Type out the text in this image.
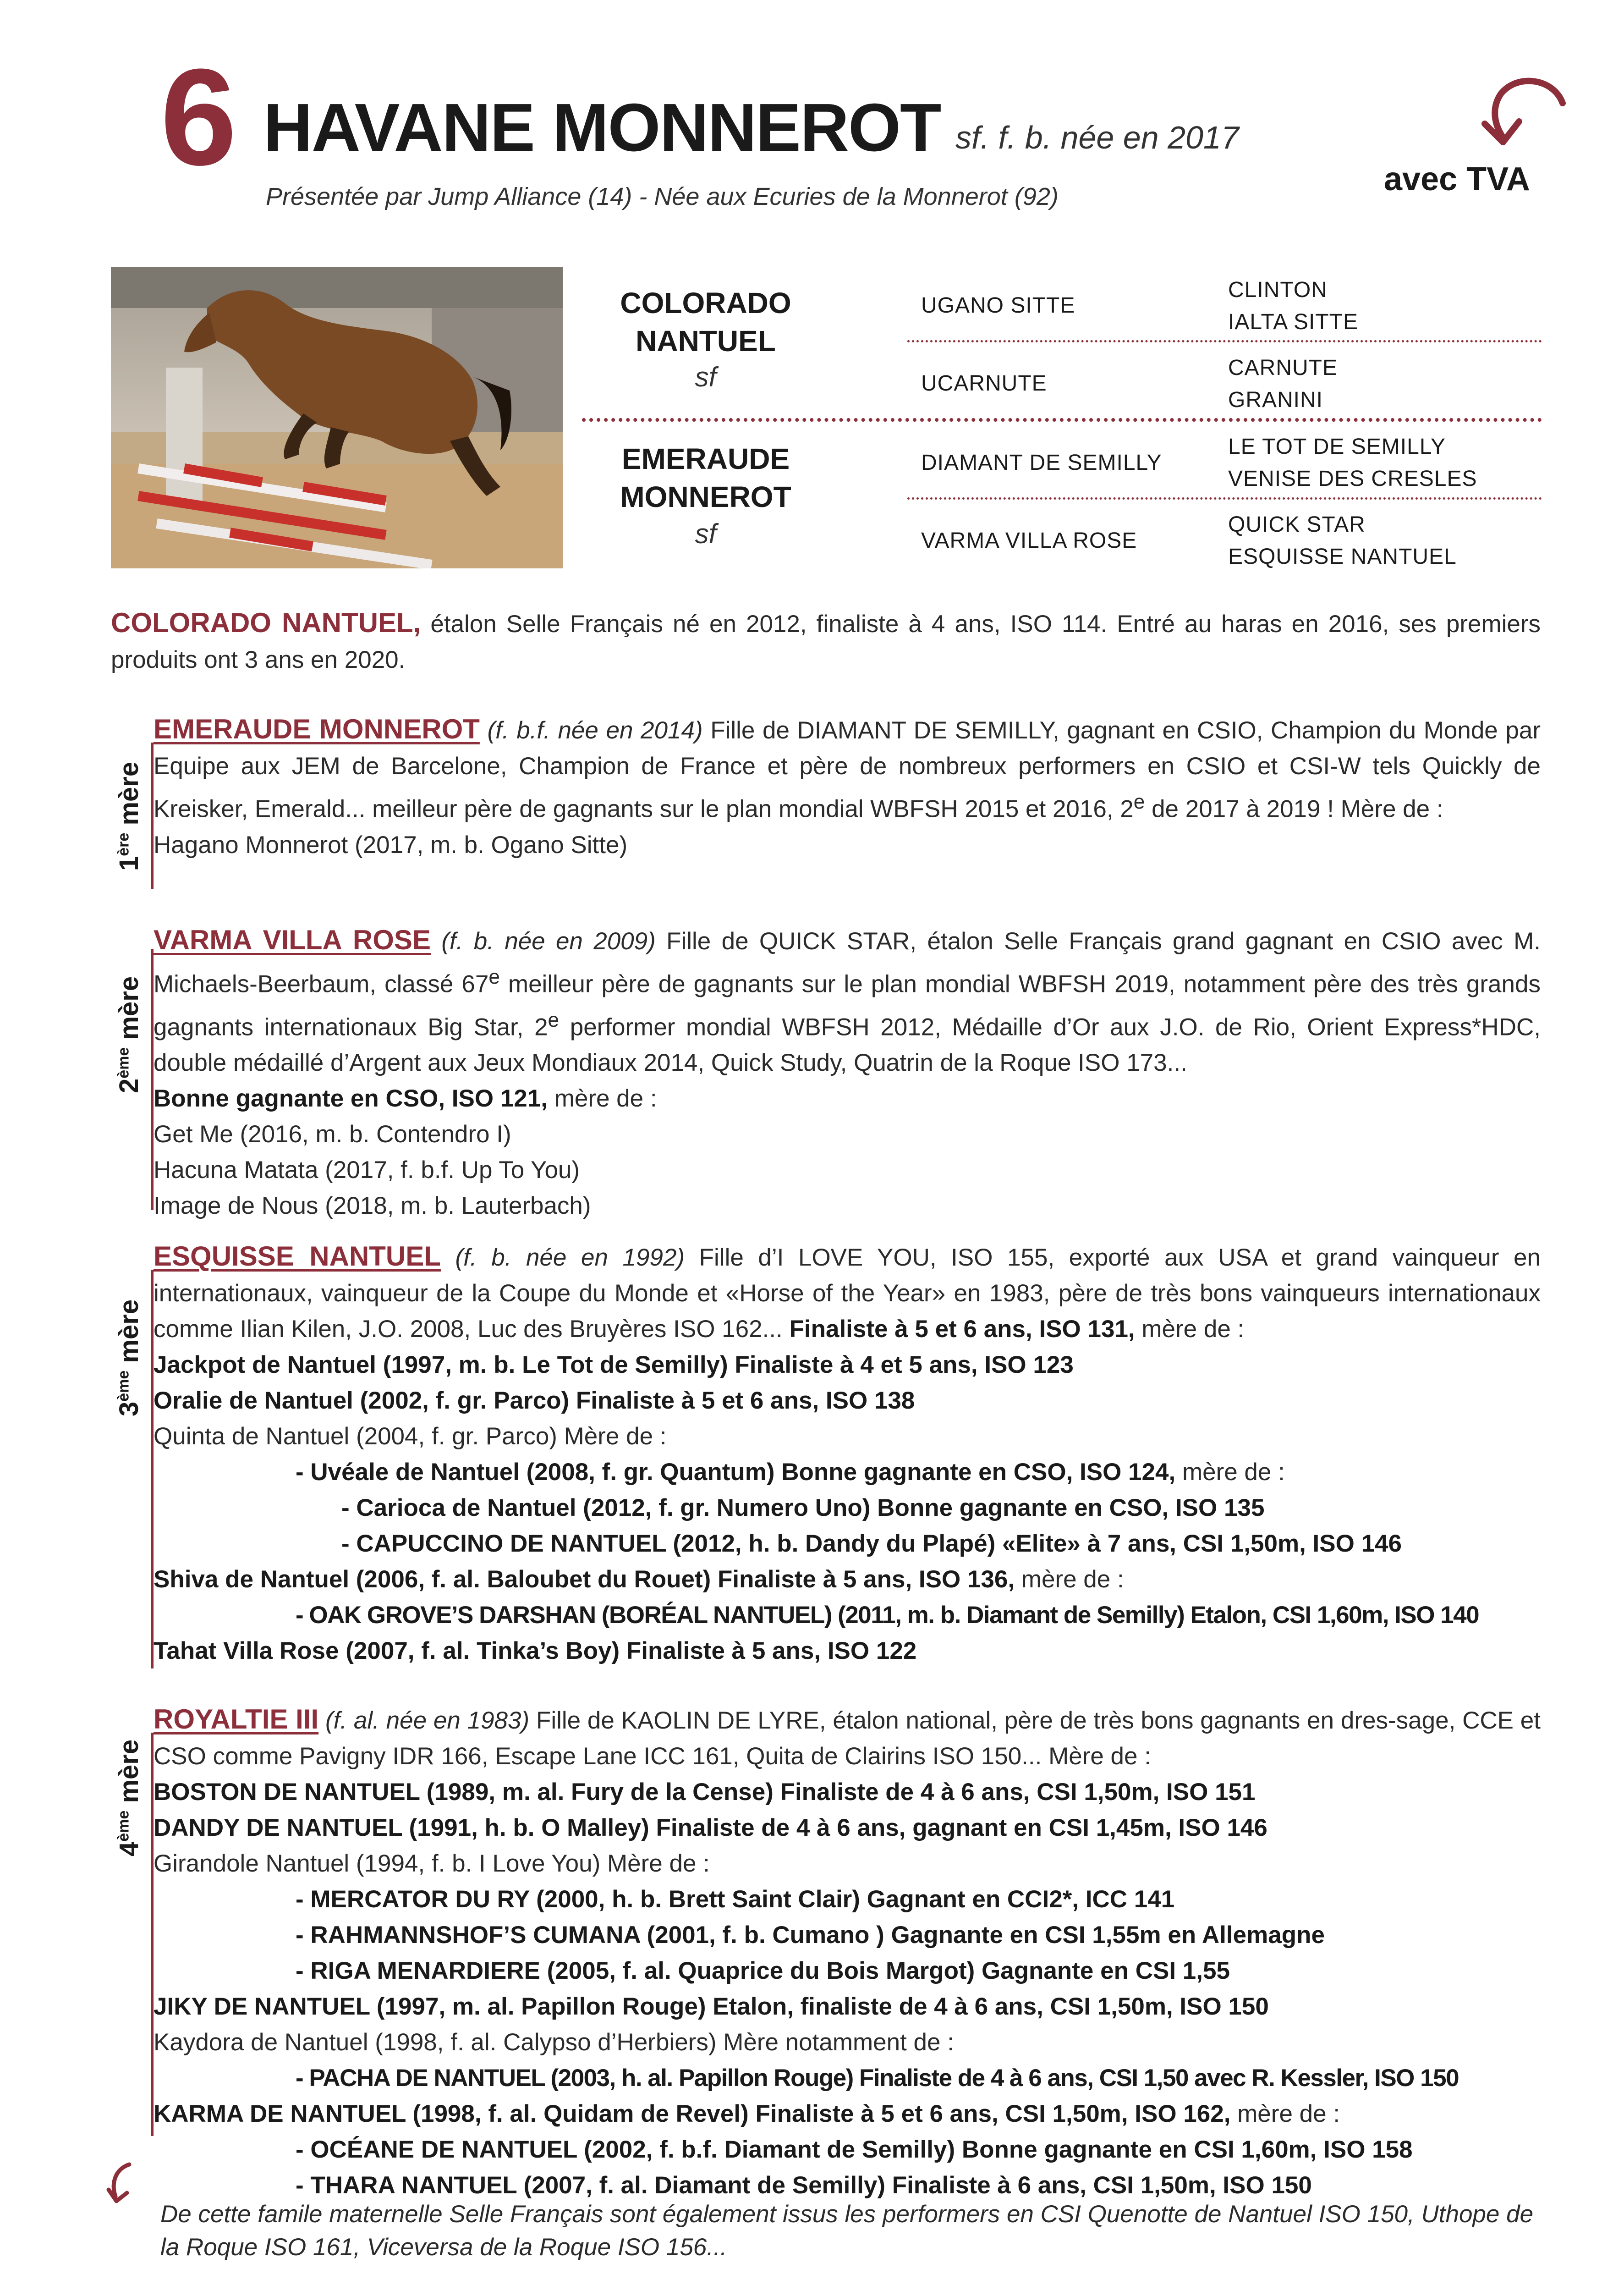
6 HAVANE MONNEROT sf. f. b. née en 2017
avec TVA
Présentée par Jump Alliance (14) - Née aux Ecuries de la Monnerot (92)
COLORADO
NANTUEL
sf
EMERAUDE
MONNEROT
sf
UGANO SITTE
UCARNUTE
DIAMANT DE SEMILLY
VARMA VILLA ROSE
CLINTON
IALTA SITTE
CARNUTE
GRANINI
LE TOT DE SEMILLY
VENISE DES CRESLES
QUICK STAR
ESQUISSE NANTUEL
COLORADO NANTUEL, étalon Selle Français né en 2012, finaliste à 4 ans, ISO 114. Entré au haras en 2016, ses premiers produits ont 3 ans en 2020.
1ère mère

EMERAUDE MONNEROT (f. b.f. née en 2014) Fille de DIAMANT DE SEMILLY, gagnant en CSIO, Champion du Monde par Equipe aux JEM de Barcelone, Champion de France et père de nombreux performers en CSIO et CSI-W tels Quickly de Kreisker, Emerald... meilleur père de gagnants sur le plan mondial WBFSH 2015 et 2016, 2e de 2017 à 2019 ! Mère de :

Hagano Monnerot (2017, m. b. Ogano Sitte)

2ème mère

VARMA VILLA ROSE (f. b. née en 2009) Fille de QUICK STAR, étalon Selle Français grand gagnant en CSIO avec M. Michaels-Beerbaum, classé 67e meilleur père de gagnants sur le plan mondial WBFSH 2019, notamment père des très grands gagnants internationaux Big Star, 2e performer mondial WBFSH 2012, Médaille d’Or aux J.O. de Rio, Orient Express*HDC, double médaillé d’Argent aux Jeux Mondiaux 2014, Quick Study, Quatrin de la Roque ISO 173...

Bonne gagnante en CSO, ISO 121, mère de :

Get Me (2016, m. b. Contendro I)

Hacuna Matata (2017, f. b.f. Up To You)

Image de Nous (2018, m. b. Lauterbach)

3ème mère

ESQUISSE NANTUEL (f. b. née en 1992) Fille d’I LOVE YOU, ISO 155, exporté aux USA et grand vainqueur en internationaux, vainqueur de la Coupe du Monde et «Horse of the Year» en 1983, père de très bons vainqueurs internationaux comme Ilian Kilen, J.O. 2008, Luc des Bruyères ISO 162... Finaliste à 5 et 6 ans, ISO 131, mère de :

Jackpot de Nantuel (1997, m. b. Le Tot de Semilly) Finaliste à 4 et 5 ans, ISO 123

Oralie de Nantuel (2002, f. gr. Parco) Finaliste à 5 et 6 ans, ISO 138

Quinta de Nantuel (2004, f. gr. Parco) Mère de :

- Uvéale de Nantuel (2008, f. gr. Quantum) Bonne gagnante en CSO, ISO 124, mère de :

- Carioca de Nantuel (2012, f. gr. Numero Uno) Bonne gagnante en CSO, ISO 135

- CAPUCCINO DE NANTUEL (2012, h. b. Dandy du Plapé) «Elite» à 7 ans, CSI 1,50m, ISO 146

Shiva de Nantuel (2006, f. al. Baloubet du Rouet) Finaliste à 5 ans, ISO 136, mère de :

- OAK GROVE’S DARSHAN (BORÉAL NANTUEL) (2011, m. b. Diamant de Semilly) Etalon, CSI 1,60m, ISO 140

Tahat Villa Rose (2007, f. al. Tinka’s Boy) Finaliste à 5 ans, ISO 122

4ème mère

ROYALTIE III (f. al. née en 1983) Fille de KAOLIN DE LYRE, étalon national, père de très bons gagnants en dres-sage, CCE et CSO comme Pavigny IDR 166, Escape Lane ICC 161, Quita de Clairins ISO 150... Mère de :

BOSTON DE NANTUEL (1989, m. al. Fury de la Cense) Finaliste de 4 à 6 ans, CSI 1,50m, ISO 151

DANDY DE NANTUEL (1991, h. b. O Malley) Finaliste de 4 à 6 ans, gagnant en CSI 1,45m, ISO 146

Girandole Nantuel (1994, f. b. I Love You) Mère de :

- MERCATOR DU RY (2000, h. b. Brett Saint Clair) Gagnant en CCI2*, ICC 141

- RAHMANNSHOF’S CUMANA (2001, f. b. Cumano ) Gagnante en CSI 1,55m en Allemagne

- RIGA MENARDIERE (2005, f. al. Quaprice du Bois Margot) Gagnante en CSI 1,55

JIKY DE NANTUEL (1997, m. al. Papillon Rouge) Etalon, finaliste de 4 à 6 ans, CSI 1,50m, ISO 150

Kaydora de Nantuel (1998, f. al. Calypso d’Herbiers) Mère notamment de :

- PACHA DE NANTUEL (2003, h. al. Papillon Rouge) Finaliste de 4 à 6 ans, CSI 1,50 avec R. Kessler, ISO 150

KARMA DE NANTUEL (1998, f. al. Quidam de Revel) Finaliste à 5 et 6 ans, CSI 1,50m, ISO 162, mère de :

- OCÉANE DE NANTUEL (2002, f. b.f. Diamant de Semilly) Bonne gagnante en CSI 1,60m, ISO 158

- THARA NANTUEL (2007, f. al. Diamant de Semilly) Finaliste à 6 ans, CSI 1,50m, ISO 150

De cette famile maternelle Selle Français sont également issus les performers en CSI Quenotte de Nantuel ISO 150, Uthope de la Roque ISO 161, Viceversa de la Roque ISO 156...
